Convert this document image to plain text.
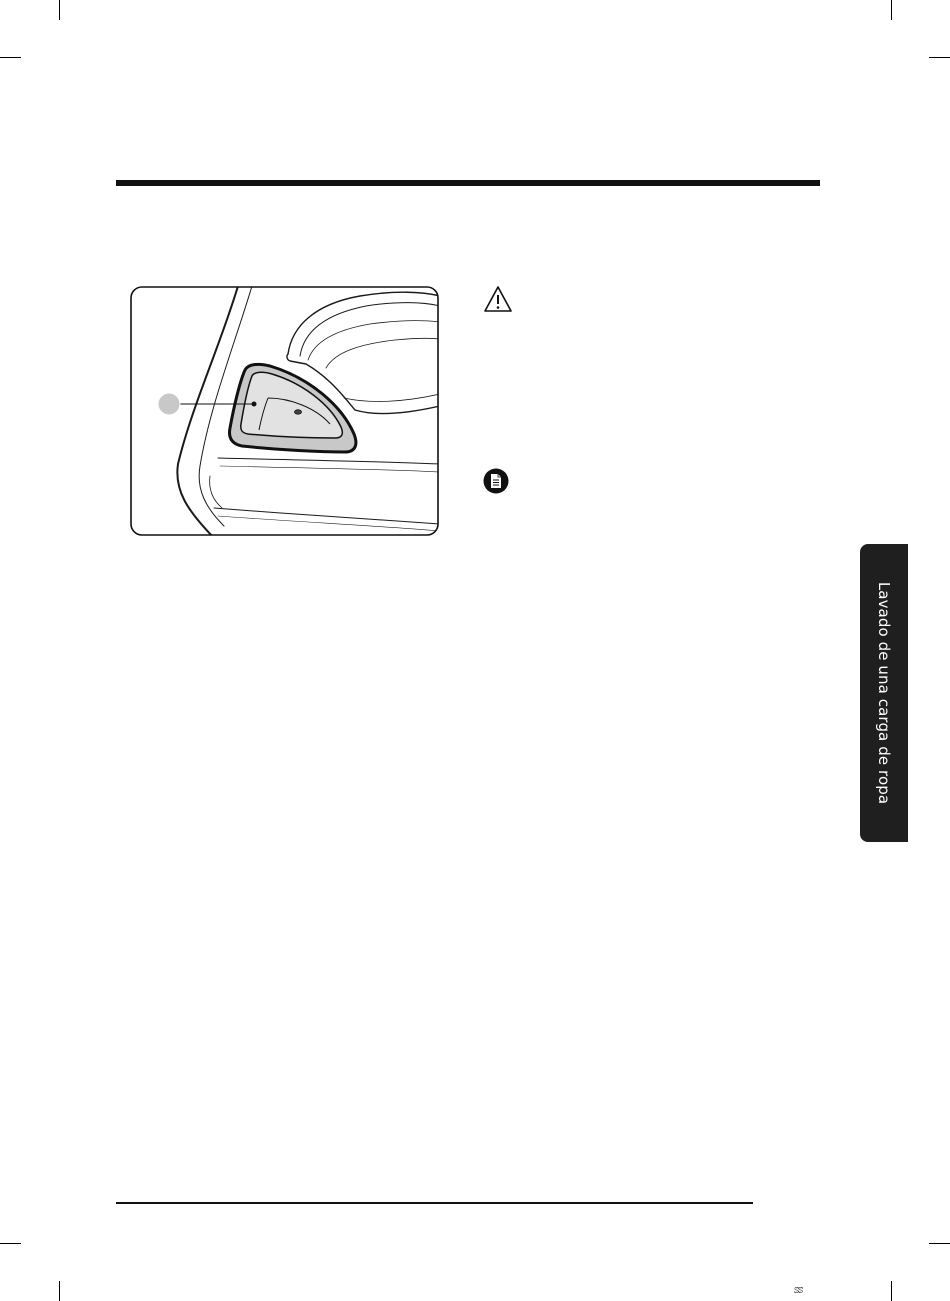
Lavado de una carga de ropa
ꕷꕷ
